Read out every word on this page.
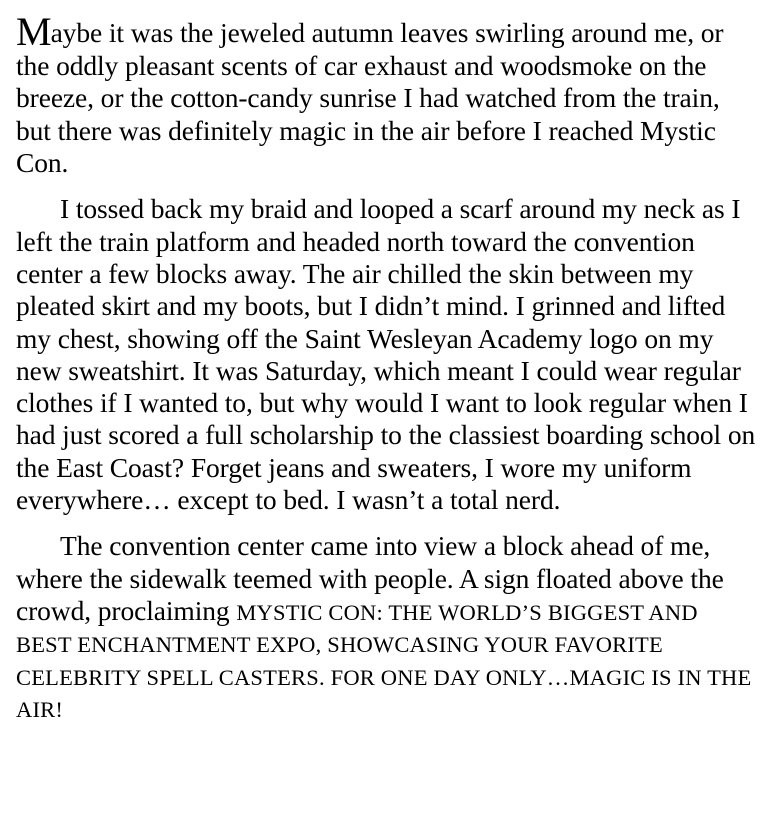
Maybe it was the jeweled autumn leaves swirling around me, or the oddly pleasant scents of car exhaust and woodsmoke on the breeze, or the cotton-candy sunrise I had watched from the train, but there was definitely magic in the air before I reached Mystic Con.

I tossed back my braid and looped a scarf around my neck as I left the train platform and headed north toward the convention center a few blocks away. The air chilled the skin between my pleated skirt and my boots, but I didn’t mind. I grinned and lifted my chest, showing off the Saint Wesleyan Academy logo on my new sweatshirt. It was Saturday, which meant I could wear regular clothes if I wanted to, but why would I want to look regular when I had just scored a full scholarship to the classiest boarding school on the East Coast? Forget jeans and sweaters, I wore my uniform everywhere… except to bed. I wasn’t a total nerd.

The convention center came into view a block ahead of me, where the sidewalk teemed with people. A sign floated above the crowd, proclaiming MYSTIC CON: THE WORLD’S BIGGEST AND BEST ENCHANTMENT EXPO, SHOWCASING YOUR FAVORITE CELEBRITY SPELL CASTERS. FOR ONE DAY ONLY…MAGIC IS IN THE AIR!
